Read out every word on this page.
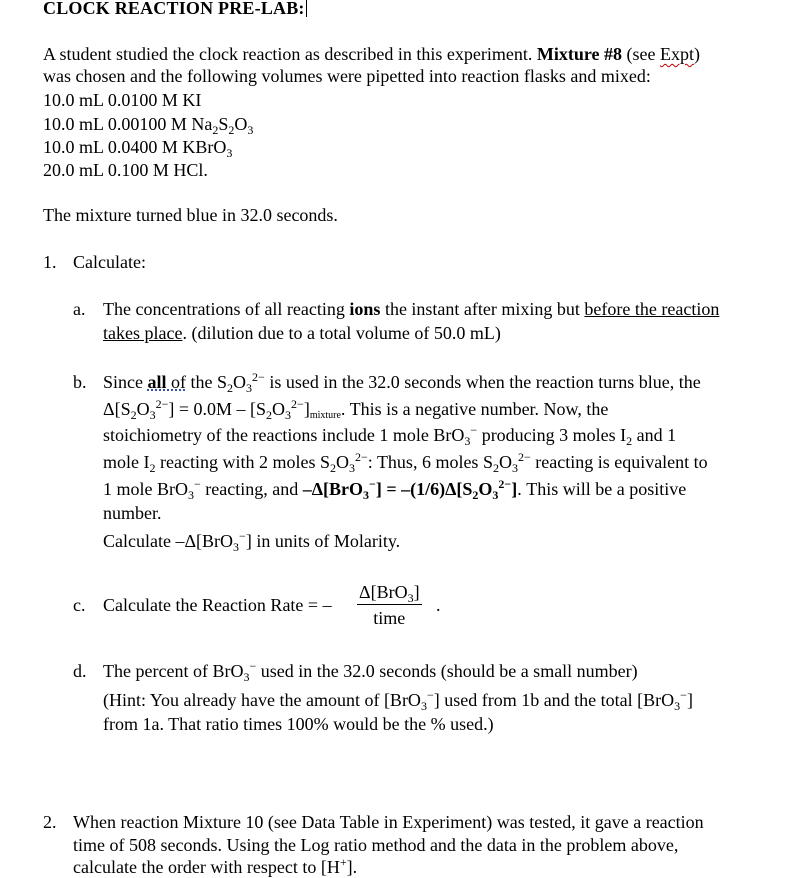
CLOCK REACTION PRE-LAB:
A student studied the clock reaction as described in this experiment. Mixture #8 (see Expt)
was chosen and the following volumes were pipetted into reaction flasks and mixed:
10.0 mL 0.0100 M KI
10.0 mL 0.00100 M $Na_2S_2O_3$
10.0 mL 0.0400 M KBrO$_3$
20.0 mL 0.100 M HCl.
The mixture turned blue in 32.0 seconds.
1. Calculate:
a. The concentrations of all reacting ions the instant after mixing but before the reaction
takes place. (dilution due to a total volume of 50.0 mL)
b. Since all of the $S_2O_3^{2-}$ is used in the 32.0 seconds when the reaction turns blue, the
$\Delta[S_2O_3^{2-}] = 0.0M$ – $[S_2O_3^{2-}]mixture$. This is a negative number. Now, the
stoichiometry of the reactions include 1 mole BrO$_3$− producing 3 moles $I_2$ and 1
mole $I_2$ reacting with 2 moles $S_2O_3^{2-}$: Thus, 6 moles $S_2O_3^{2-}$ reacting is equivalent to
1 mole BrO$_3$− reacting, and $-\Delta[BrO_3^-] = -(1/6)\Delta[S_2O_3^{2-}]$. This will be a positive
number.
Calculate –Δ[BrO$_3$−] in units of Molarity.
c. Calculate the Reaction Rate = –
Δ[BrO$_3$]
time
.
d. The percent of BrO$_3$− used in the 32.0 seconds (should be a small number)
(Hint: You already have the amount of [BrO$_3$−] used from 1b and the total [BrO$_3$−]
from 1a. That ratio times 100% would be the % used.)
2. When reaction Mixture 10 (see Data Table in Experiment) was tested, it gave a reaction
time of 508 seconds. Using the Log ratio method and the data in the problem above,
calculate the order with respect to [H+].
